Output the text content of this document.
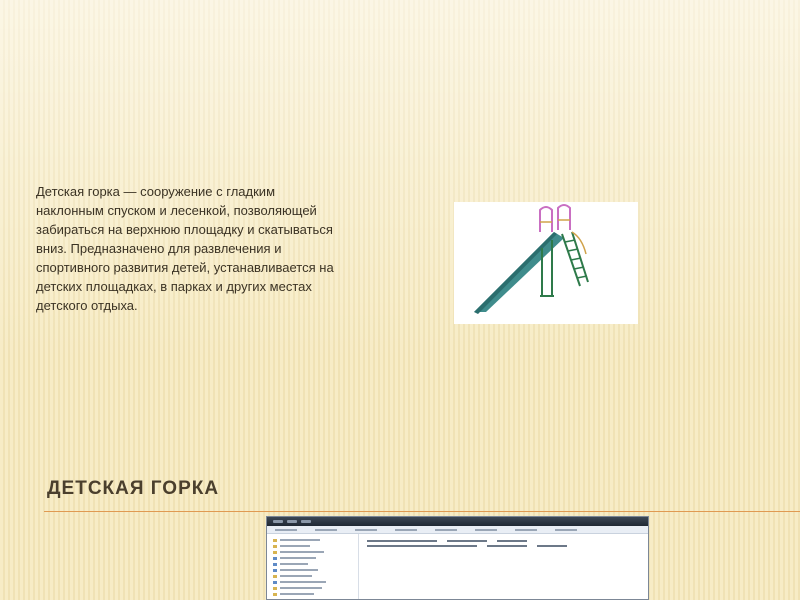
Детская горка — сооружение с гладким наклонным спуском и лесенкой, позволяющей забираться на верхнюю площадку и скатываться вниз. Предназначено для развлечения и спортивного развития детей, устанавливается на детских площадках, в парках и других местах детского отдыха.

ДЕТСКАЯ ГОРКА
